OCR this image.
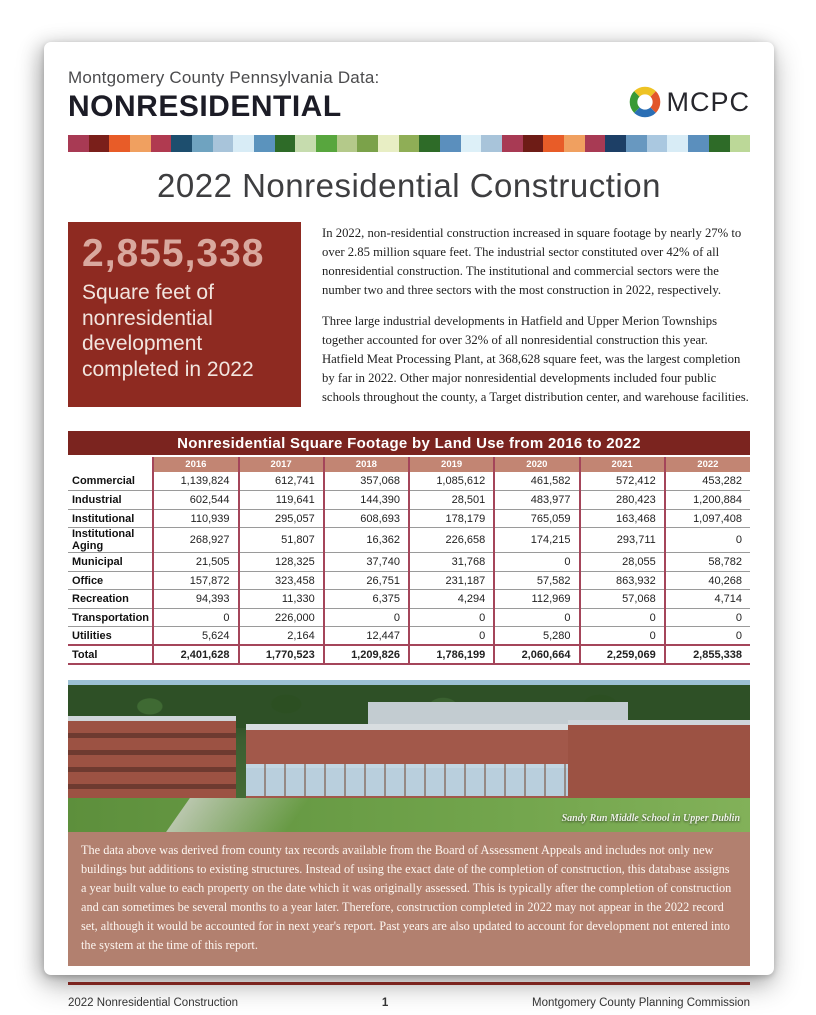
Montgomery County Pennsylvania Data:
NONRESIDENTIAL	MCPC
2022 Nonresidential Construction
2,855,338
Square feet of nonresidential development completed in 2022

In 2022, non-residential construction increased in square footage by nearly 27% to over 2.85 million square feet. The industrial sector constituted over 42% of all nonresidential construction. The institutional and commercial sectors were the number two and three sectors with the most construction in 2022, respectively.

Three large industrial developments in Hatfield and Upper Merion Townships together accounted for over 32% of all nonresidential construction this year. Hatfield Meat Processing Plant, at 368,628 square feet, was the largest completion by far in 2022. Other major nonresidential developments included four public schools throughout the county, a Target distribution center, and warehouse facilities.

Nonresidential Square Footage by Land Use from 2016 to 2022							
	2016	2017	2018	2019	2020	2021	2022
Commercial	1,139,824	612,741	357,068	1,085,612	461,582	572,412	453,282
Industrial	602,544	119,641	144,390	28,501	483,977	280,423	1,200,884
Institutional	110,939	295,057	608,693	178,179	765,059	163,468	1,097,408
Institutional Aging	268,927	51,807	16,362	226,658	174,215	293,711	0
Municipal	21,505	128,325	37,740	31,768	0	28,055	58,782
Office	157,872	323,458	26,751	231,187	57,582	863,932	40,268
Recreation	94,393	11,330	6,375	4,294	112,969	57,068	4,714
Transportation	0	226,000	0	0	0	0	0
Utilities	5,624	2,164	12,447	0	5,280	0	0
Total	2,401,628	1,770,523	1,209,826	1,786,199	2,060,664	2,259,069	2,855,338
Sandy Run Middle School in Upper Dublin
The data above was derived from county tax records available from the Board of Assessment Appeals and includes not only new buildings but additions to existing structures. Instead of using the exact date of the completion of construction, this database assigns a year built value to each property on the date which it was originally assessed. This is typically after the completion of construction and can sometimes be several months to a year later. Therefore, construction completed in 2022 may not appear in the 2022 record set, although it would be accounted for in next year's report. Past years are also updated to account for development not entered into the system at the time of this report.
2022 Nonresidential Construction	1	Montgomery County Planning Commission
